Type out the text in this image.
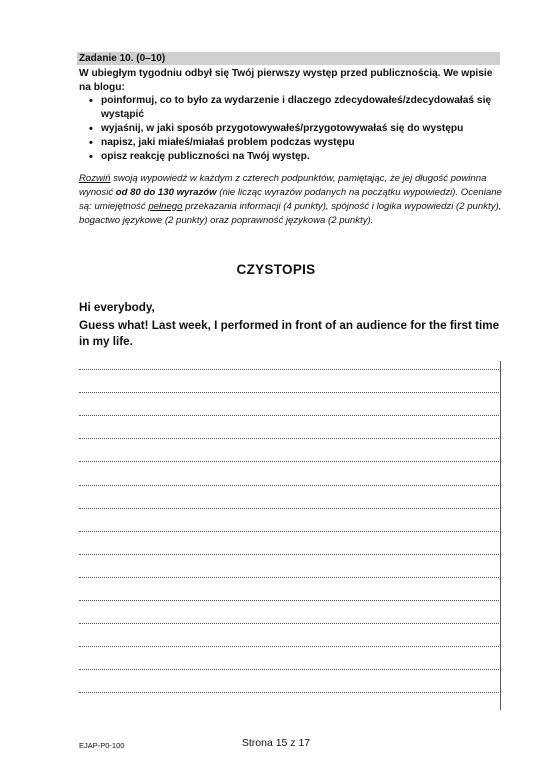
Zadanie 10. (0–10)
W ubiegłym tygodniu odbył się Twój pierwszy występ przed publicznością. We wpisie na blogu:
• poinformuj, co to było za wydarzenie i dlaczego zdecydowałeś/zdecydowałaś się wystąpić
• wyjaśnij, w jaki sposób przygotowywałeś/przygotowywałaś się do występu
• napisz, jaki miałeś/miałaś problem podczas występu
• opisz reakcję publiczności na Twój występ.
Rozwiń swoją wypowiedź w każdym z czterech podpunktów, pamiętając, że jej długość powinna wynosić od 80 do 130 wyrazów (nie licząc wyrazów podanych na początku wypowiedzi). Oceniane są: umiejętność pełnego przekazania informacji (4 punkty), spójność i logika wypowiedzi (2 punkty), bogactwo językowe (2 punkty) oraz poprawność językowa (2 punkty).
CZYSTOPIS
Hi everybody,
Guess what! Last week, I performed in front of an audience for the first time in my life.
EJAP-P0-100	Strona 15 z 17
